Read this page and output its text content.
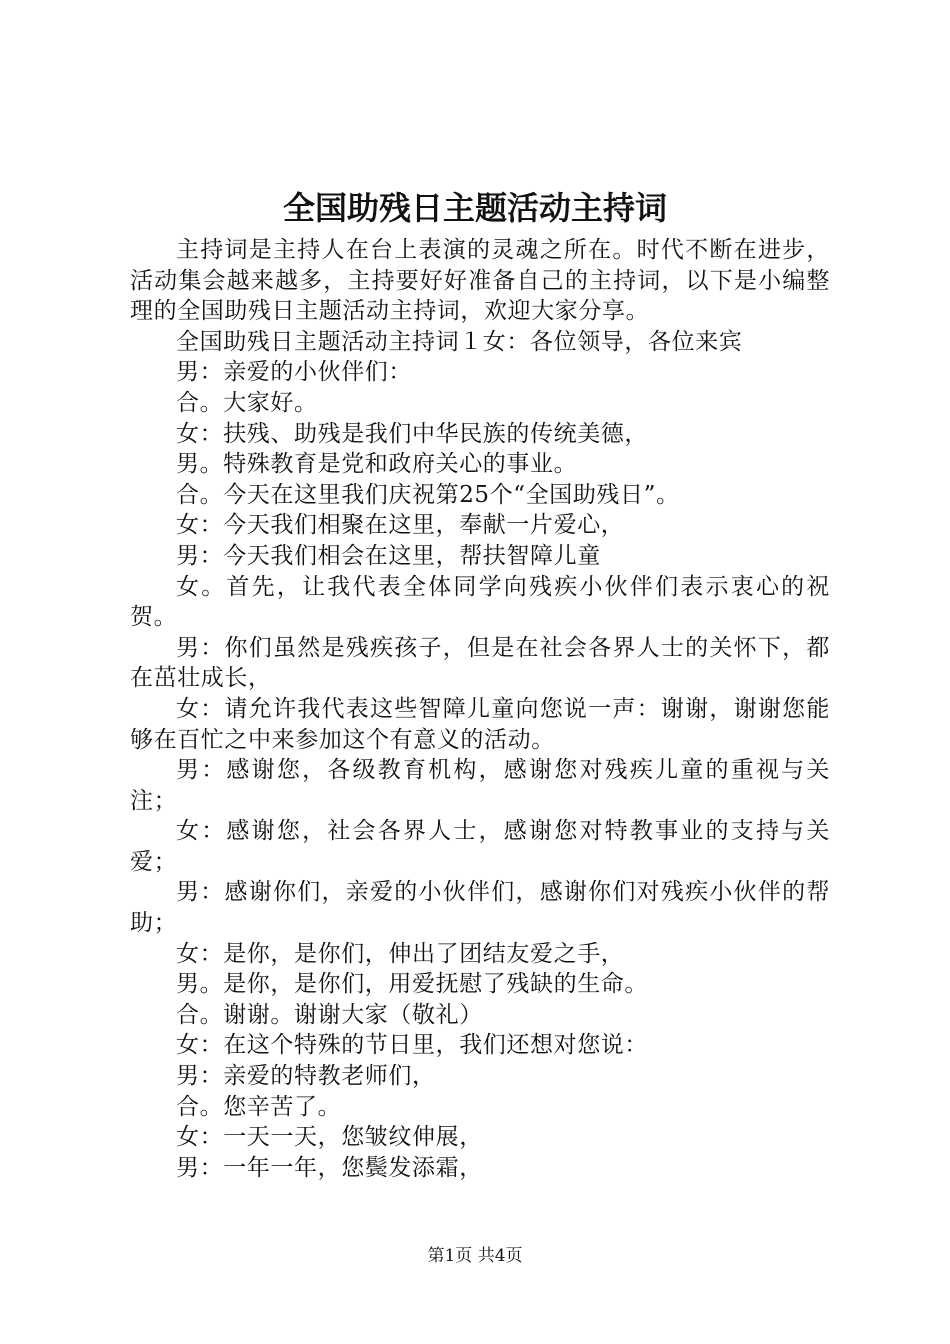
全国助残日主题活动主持词

主持词是主持人在台上表演的灵魂之所在。时代不断在进步，活动集会越来越多，主持要好好准备自己的主持词，以下是小编整理的全国助残日主题活动主持词，欢迎大家分享。

全国助残日主题活动主持词１女：各位领导，各位来宾

男：亲爱的小伙伴们：

合。大家好。

女：扶残、助残是我们中华民族的传统美德，

男。特殊教育是党和政府关心的事业。

合。今天在这里我们庆祝第25个“全国助残日”。

女：今天我们相聚在这里，奉献一片爱心，

男：今天我们相会在这里，帮扶智障儿童

女。首先，让我代表全体同学向残疾小伙伴们表示衷心的祝贺。

男：你们虽然是残疾孩子，但是在社会各界人士的关怀下，都在茁壮成长，

女：请允许我代表这些智障儿童向您说一声：谢谢，谢谢您能够在百忙之中来参加这个有意义的活动。

男：感谢您，各级教育机构，感谢您对残疾儿童的重视与关注；

女：感谢您，社会各界人士，感谢您对特教事业的支持与关爱；

男：感谢你们，亲爱的小伙伴们，感谢你们对残疾小伙伴的帮助；

女：是你，是你们，伸出了团结友爱之手，

男。是你，是你们，用爱抚慰了残缺的生命。

合。谢谢。谢谢大家（敬礼）

女：在这个特殊的节日里，我们还想对您说：

男：亲爱的特教老师们，

合。您辛苦了。

女：一天一天，您皱纹伸展，

男：一年一年，您鬓发添霜，

第1页 共4页
